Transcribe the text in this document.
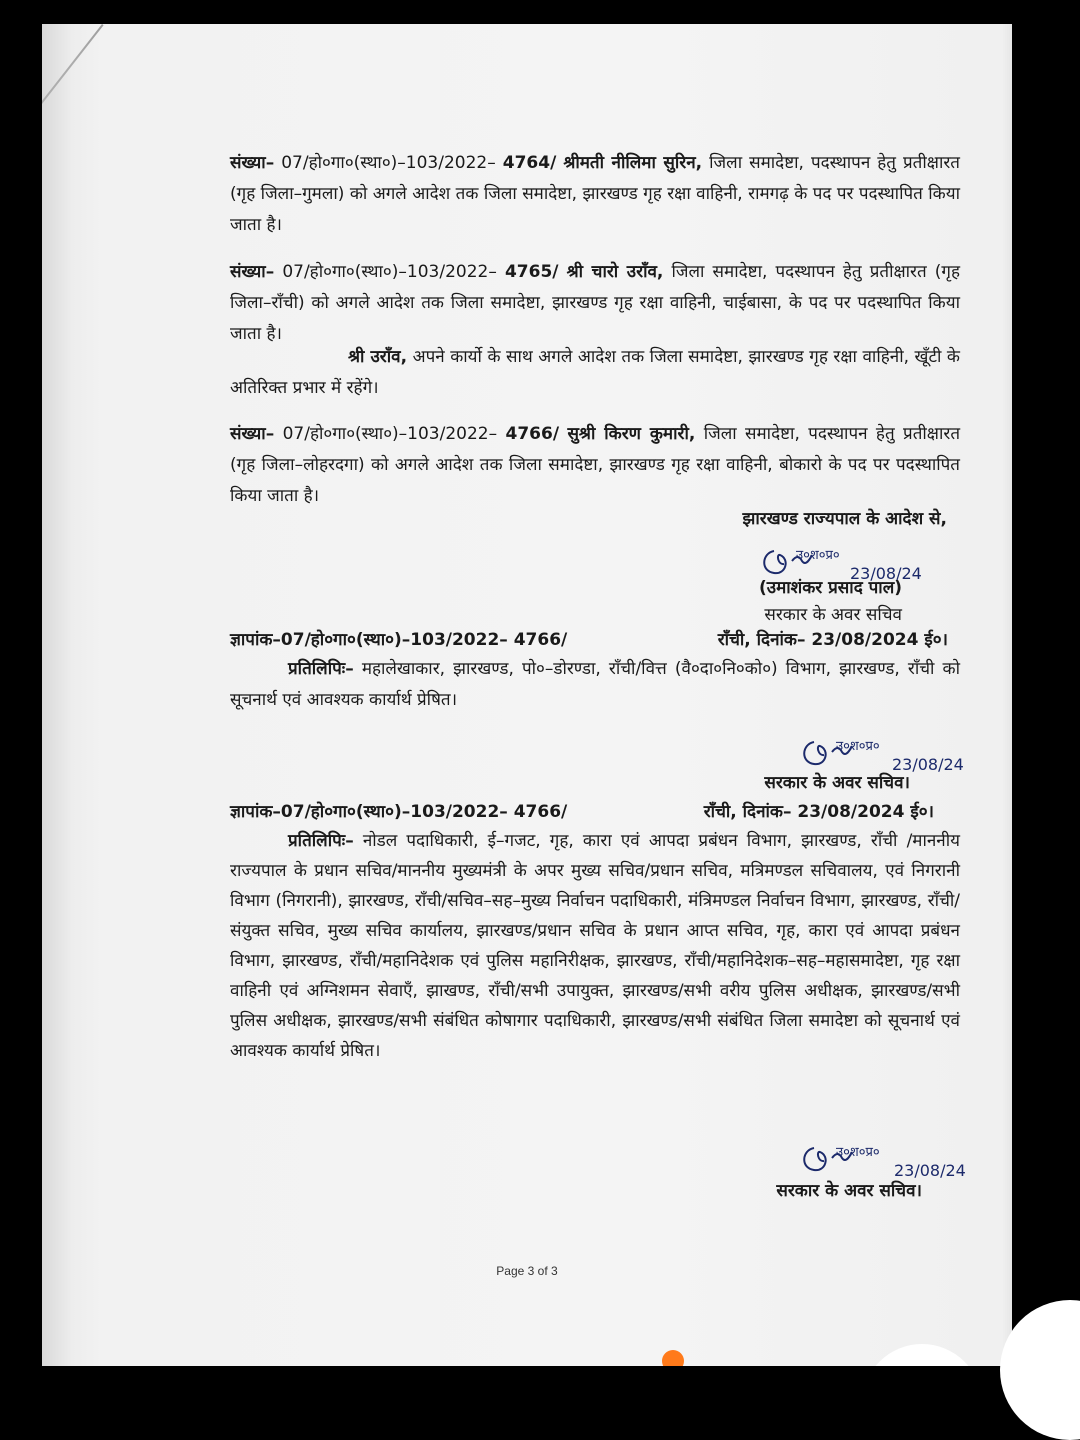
संख्या– 07/हो०गा०(स्था०)–103/2022– 4764/ श्रीमती नीलिमा सुरिन, जिला समादेष्टा, पदस्थापन हेतु प्रतीक्षारत (गृह जिला–गुमला) को अगले आदेश तक जिला समादेष्टा, झारखण्ड गृह रक्षा वाहिनी, रामगढ़ के पद पर पदस्थापित किया जाता है।
संख्या– 07/हो०गा०(स्था०)–103/2022– 4765/ श्री चारो उराँव, जिला समादेष्टा, पदस्थापन हेतु प्रतीक्षारत (गृह जिला–राँची) को अगले आदेश तक जिला समादेष्टा, झारखण्ड गृह रक्षा वाहिनी, चाईबासा, के पद पर पदस्थापित किया जाता है।
श्री उराँव, अपने कार्यो के साथ अगले आदेश तक जिला समादेष्टा, झारखण्ड गृह रक्षा वाहिनी, खूँटी के अतिरिक्त प्रभार में रहेंगे।
संख्या– 07/हो०गा०(स्था०)–103/2022– 4766/ सुश्री किरण कुमारी, जिला समादेष्टा, पदस्थापन हेतु प्रतीक्षारत (गृह जिला–लोहरदगा) को अगले आदेश तक जिला समादेष्टा, झारखण्ड गृह रक्षा वाहिनी, बोकारो के पद पर पदस्थापित किया जाता है।
झारखण्ड राज्यपाल के आदेश से,
उ०श०प्र०
23/08/24
(उमाशंकर प्रसाद पाल)
सरकार के अवर सचिव
ज्ञापांक–07/हो०गा०(स्था०)–103/2022– 4766/	राँची, दिनांक– 23/08/2024 ई०।
प्रतिलिपिः– महालेखाकार, झारखण्ड, पो०–डोरण्डा, राँची/वित्त (वै०दा०नि०को०) विभाग, झारखण्ड, राँची को सूचनार्थ एवं आवश्यक कार्यार्थ प्रेषित।
उ०श०प्र०
23/08/24
सरकार के अवर सचिव।
ज्ञापांक–07/हो०गा०(स्था०)–103/2022– 4766/	राँची, दिनांक– 23/08/2024 ई०।
प्रतिलिपिः– नोडल पदाधिकारी, ई–गजट, गृह, कारा एवं आपदा प्रबंधन विभाग, झारखण्ड, राँची /माननीय राज्यपाल के प्रधान सचिव/माननीय मुख्यमंत्री के अपर मुख्य सचिव/प्रधान सचिव, मत्रिमण्डल सचिवालय, एवं निगरानी विभाग (निगरानी), झारखण्ड, राँची/सचिव–सह–मुख्य निर्वाचन पदाधिकारी, मंत्रिमण्डल निर्वाचन विभाग, झारखण्ड, राँची/संयुक्त सचिव, मुख्य सचिव कार्यालय, झारखण्ड/प्रधान सचिव के प्रधान आप्त सचिव, गृह, कारा एवं आपदा प्रबंधन विभाग, झारखण्ड, राँची/महानिदेशक एवं पुलिस महानिरीक्षक, झारखण्ड, राँची/महानिदेशक–सह–महासमादेष्टा, गृह रक्षा वाहिनी एवं अग्निशमन सेवाएँ, झाखण्ड, राँची/सभी उपायुक्त, झारखण्ड/सभी वरीय पुलिस अधीक्षक, झारखण्ड/सभी पुलिस अधीक्षक, झारखण्ड/सभी संबंधित कोषागार पदाधिकारी, झारखण्ड/सभी संबंधित जिला समादेष्टा को सूचनार्थ एवं आवश्यक कार्यार्थ प्रेषित।
उ०श०प्र०
23/08/24
सरकार के अवर सचिव।
Page 3 of 3
